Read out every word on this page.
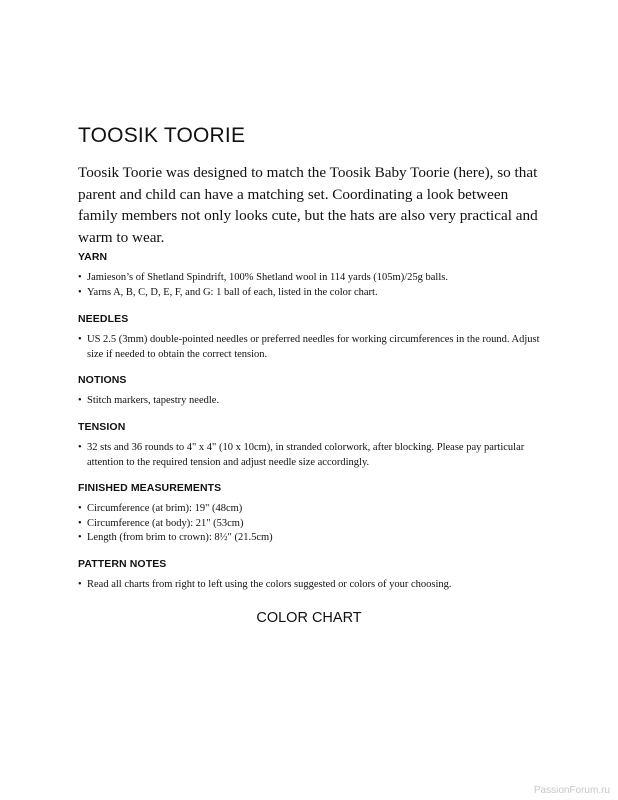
TOOSIK TOORIE
Toosik Toorie was designed to match the Toosik Baby Toorie (here), so that parent and child can have a matching set. Coordinating a look between family members not only looks cute, but the hats are also very practical and warm to wear.
YARN
• Jamieson’s of Shetland Spindrift, 100% Shetland wool in 114 yards (105m)/25g balls.
• Yarns A, B, C, D, E, F, and G: 1 ball of each, listed in the color chart.
NEEDLES
• US 2.5 (3mm) double-pointed needles or preferred needles for working circumferences in the round. Adjust size if needed to obtain the correct tension.
NOTIONS
• Stitch markers, tapestry needle.
TENSION
• 32 sts and 36 rounds to 4" x 4" (10 x 10cm), in stranded colorwork, after blocking. Please pay particular attention to the required tension and adjust needle size accordingly.
FINISHED MEASUREMENTS
• Circumference (at brim): 19" (48cm)
• Circumference (at body): 21" (53cm)
• Length (from brim to crown): 8½" (21.5cm)
PATTERN NOTES
• Read all charts from right to left using the colors suggested or colors of your choosing.
COLOR CHART
PassionForum.ru
